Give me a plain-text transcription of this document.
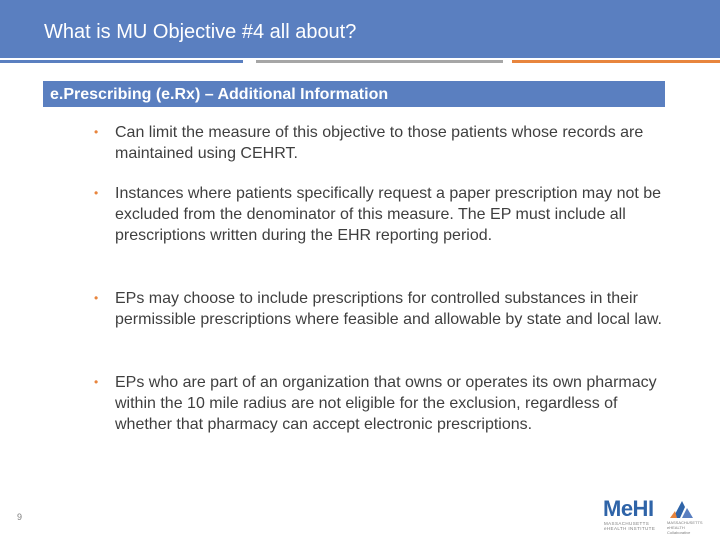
What is MU Objective #4 all about?
e.Prescribing (e.Rx) – Additional Information
• Can limit the measure of this objective to those patients whose records are maintained using CEHRT.
• Instances where patients specifically request a paper prescription may not be excluded from the denominator of this measure. The EP must include all prescriptions written during the EHR reporting period.
• EPs may choose to include prescriptions for controlled substances in their permissible prescriptions where feasible and allowable by state and local law.
• EPs who are part of an organization that owns or operates its own pharmacy within the 10 mile radius are not eligible for the exclusion, regardless of whether that pharmacy can accept electronic prescriptions.
9	MeHI
MASSACHUSETTS eHEALTH INSTITUTE
MASSACHUSETTS eHEALTH Collaborative
